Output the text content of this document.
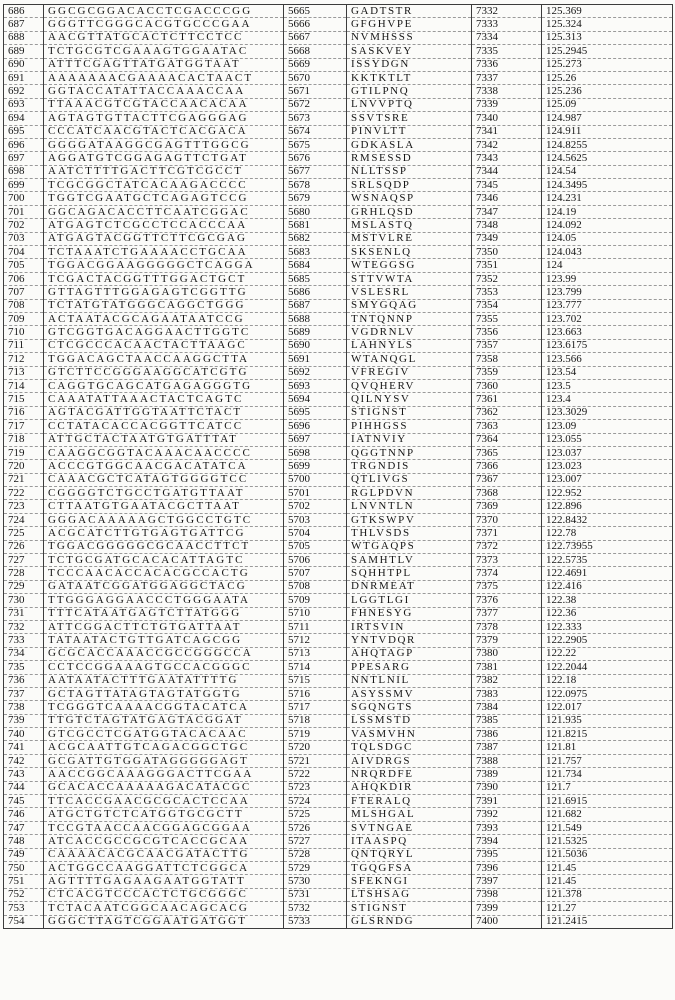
686	GGCGCGGACACCTCGACCCGG	5665	GADTSTR	7332	125.369
687	GGGTTCGGGCACGTGCCCGAA	5666	GFGHVPE	7333	125.324
688	AACGTTATGCACTCTTCCTCC	5667	NVMHSSS	7334	125.313
689	TCTGCGTCGAAAGTGGAATAC	5668	SASKVEY	7335	125.2945
690	ATTTCGAGTTATGATGGTAAT	5669	ISSYDGN	7336	125.273
691	AAAAAAACGAAAACACTAACT	5670	KKTKTLT	7337	125.26
692	GGTACCATATTACCAAACCAA	5671	GTILPNQ	7338	125.236
693	TTAAACGTCGTACCAACACAA	5672	LNVVPTQ	7339	125.09
694	AGTAGTGTTACTTCGAGGGAG	5673	SSVTSRE	7340	124.987
695	CCCATCAACGTACTCACGACA	5674	PINVLTT	7341	124.911
696	GGGGATAAGGCGAGTTTGGCG	5675	GDKASLA	7342	124.8255
697	AGGATGTCGGAGAGTTCTGAT	5676	RMSESSD	7343	124.5625
698	AATCTTTTGACTTCGTCGCCT	5677	NLLTSSP	7344	124.54
699	TCGCGGCTATCACAAGACCCC	5678	SRLSQDP	7345	124.3495
700	TGGTCGAATGCTCAGAGTCCG	5679	WSNAQSP	7346	124.231
701	GGCAGACACCTTCAATCGGAC	5680	GRHLQSD	7347	124.19
702	ATGAGTCTCGCCTCCACCCAA	5681	MSLASTQ	7348	124.092
703	ATGAGTACGGTTCTTCGCGAG	5682	MSTVLRE	7349	124.05
704	TCTAAATCTGAAAACCTGCAA	5683	SKSENLQ	7350	124.043
705	TGGACGGAAGGGGGCTCAGGA	5684	WTEGGSG	7351	124
706	TCGACTACGGTTTGGACTGCT	5685	STTVWTA	7352	123.99
707	GTTAGTTTGGAGAGTCGGTTG	5686	VSLESRL	7353	123.799
708	TCTATGTATGGGCAGGCTGGG	5687	SMYGQAG	7354	123.777
709	ACTAATACGCAGAATAATCCG	5688	TNTQNNP	7355	123.702
710	GTCGGTGACAGGAACTTGGTC	5689	VGDRNLV	7356	123.663
711	CTCGCCCACAACTACTTAAGC	5690	LAHNYLS	7357	123.6175
712	TGGACAGCTAACCAAGGCTTA	5691	WTANQGL	7358	123.566
713	GTCTTCCGGGAAGGCATCGTG	5692	VFREGIV	7359	123.54
714	CAGGTGCAGCATGAGAGGGTG	5693	QVQHERV	7360	123.5
715	CAAATATTAAACTACTCAGTC	5694	QILNYSV	7361	123.4
716	AGTACGATTGGTAATTCTACT	5695	STIGNST	7362	123.3029
717	CCTATACACCACGGTTCATCC	5696	PIHHGSS	7363	123.09
718	ATTGCTACTAATGTGATTTAT	5697	IATNVIY	7364	123.055
719	CAAGGCGGTACAAACAACCCC	5698	QGGTNNP	7365	123.037
720	ACCCGTGGCAACGACATATCA	5699	TRGNDIS	7366	123.023
721	CAAACGCTCATAGTGGGGTCC	5700	QTLIVGS	7367	123.007
722	CGGGGTCTGCCTGATGTTAAT	5701	RGLPDVN	7368	122.952
723	CTTAATGTGAATACGCTTAAT	5702	LNVNTLN	7369	122.896
724	GGGACAAAAAGCTGGCCTGTC	5703	GTKSWPV	7370	122.8432
725	ACGCATCTTGTGAGTGATTCG	5704	THLVSDS	7371	122.78
726	TGGACGGGGGCGCAACCTTCT	5705	WTGAQPS	7372	122.73955
727	TCTGCGATGCACACATTAGTC	5706	SAMHTLV	7373	122.5735
728	TCCCAACACCACACGCCACTG	5707	SQHHTPL	7374	122.4691
729	GATAATCGGATGGAGGCTACG	5708	DNRMEAT	7375	122.416
730	TTGGGAGGAACCCTGGGAATA	5709	LGGTLGI	7376	122.38
731	TTTCATAATGAGTCTTATGGG	5710	FHNESYG	7377	122.36
732	ATTCGGACTTCTGTGATTAAT	5711	IRTSVIN	7378	122.333
733	TATAATACTGTTGATCAGCGG	5712	YNTVDQR	7379	122.2905
734	GCGCACCAAACCGCCGGGCCA	5713	AHQTAGP	7380	122.22
735	CCTCCGGAAAGTGCCACGGGC	5714	PPESARG	7381	122.2044
736	AATAATACTTTGAATATTTTG	5715	NNTLNIL	7382	122.18
737	GCTAGTTATAGTAGTATGGTG	5716	ASYSSMV	7383	122.0975
738	TCGGGTCAAAACGGTACATCA	5717	SGQNGTS	7384	122.017
739	TTGTCTAGTATGAGTACGGAT	5718	LSSMSTD	7385	121.935
740	GTCGCCTCGATGGTACACAAC	5719	VASMVHN	7386	121.8215
741	ACGCAATTGTCAGACGGCTGC	5720	TQLSDGC	7387	121.81
742	GCGATTGTGGATAGGGGGAGT	5721	AIVDRGS	7388	121.757
743	AACCGGCAAAGGGACTTCGAA	5722	NRQRDFE	7389	121.734
744	GCACACCAAAAAGACATACGC	5723	AHQKDIR	7390	121.7
745	TTCACCGAACGCGCACTCCAA	5724	FTERALQ	7391	121.6915
746	ATGCTGTCTCATGGTGCGCTT	5725	MLSHGAL	7392	121.682
747	TCCGTAACCAACGGAGCGGAA	5726	SVTNGAE	7393	121.549
748	ATCACCGCCGCGTCACCGCAA	5727	ITAASPQ	7394	121.5325
749	CAAAACACGCAACGATACTTG	5728	QNTQRYL	7395	121.5036
750	ACTGGCCAAGGATTCTCGGCA	5729	TGQGFSA	7396	121.45
751	AGTTTTGAGAAGAATGGTATT	5730	SFEKNGI	7397	121.45
752	CTCACGTCCCACTCTGCGGGC	5731	LTSHSAG	7398	121.378
753	TCTACAATCGGCAACAGCACG	5732	STIGNST	7399	121.27
754	GGGCTTAGTCGGAATGATGGT	5733	GLSRNDG	7400	121.2415
